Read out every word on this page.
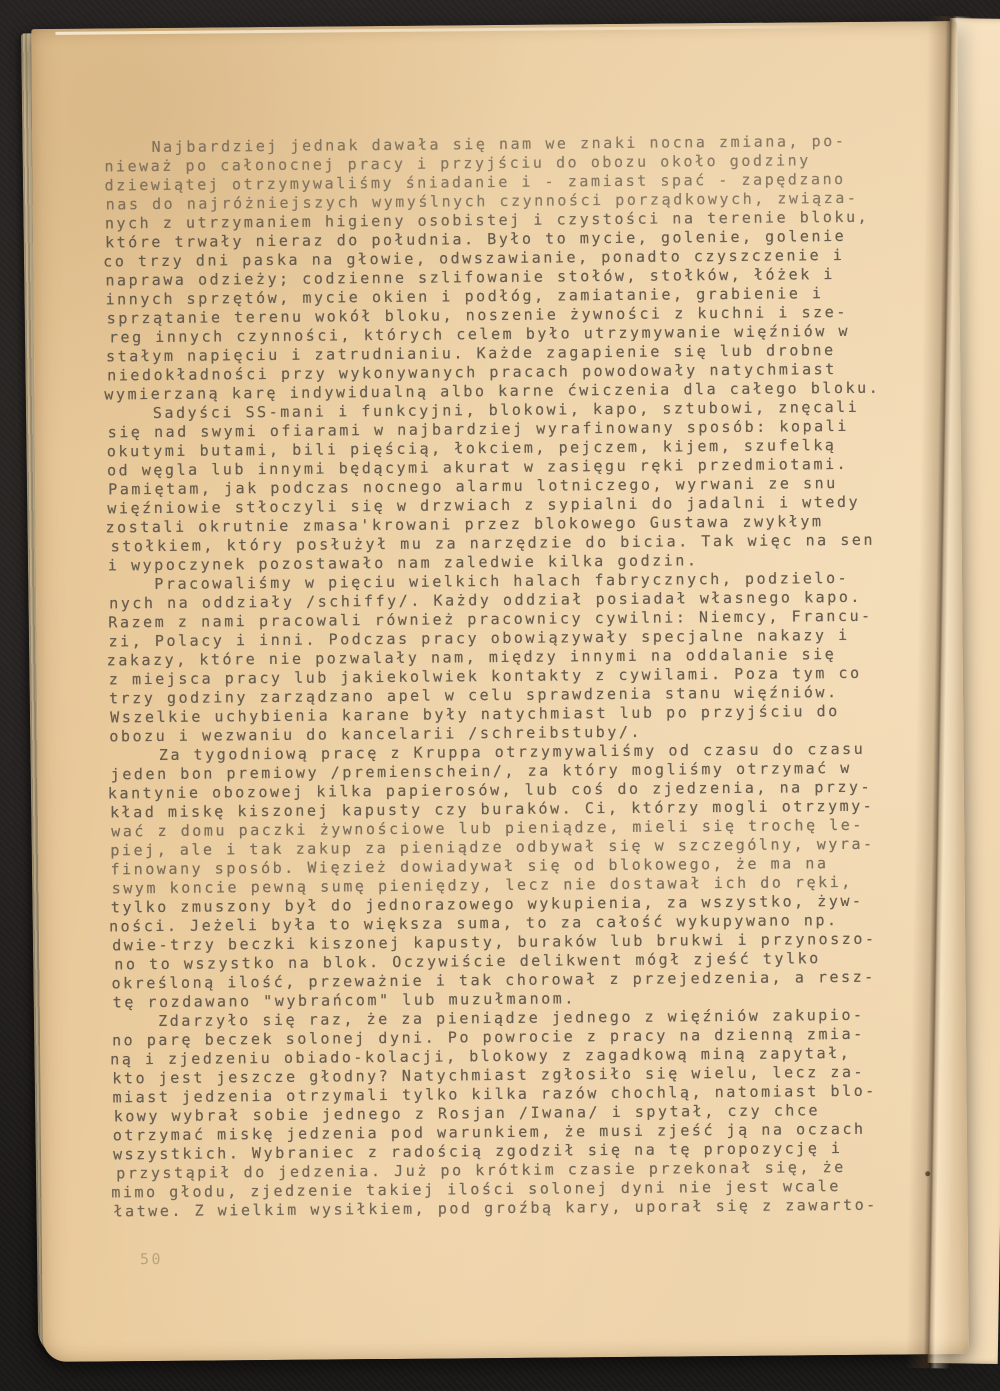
Najbardziej jednak dawała się nam we znaki nocna zmiana, po-
nieważ po całonocnej pracy i przyjściu do obozu około godziny
dziewiątej otrzymywaliśmy śniadanie i - zamiast spać - zapędzano
nas do najróżniejszych wymyślnych czynności porządkowych, związa-
nych z utrzymaniem higieny osobistej i czystości na terenie bloku,
które trwały nieraz do południa. Było to mycie, golenie, golenie
co trzy dni paska na głowie, odwszawianie, ponadto czyszczenie i
naprawa odzieży; codzienne szlifowanie stołów, stołków, łóżek i
innych sprzętów, mycie okien i podłóg, zamiatanie, grabienie i
sprzątanie terenu wokół bloku, noszenie żywności z kuchni i sze-
reg innych czynności, których celem było utrzymywanie więźniów w
stałym napięciu i zatrudnianiu. Każde zagapienie się lub drobne
niedokładności przy wykonywanych pracach powodowały natychmiast
wymierzaną karę indywidualną albo karne ćwiczenia dla całego bloku.
Sadyści SS-mani i funkcyjni, blokowi, kapo, sztubowi, znęcali
się nad swymi ofiarami w najbardziej wyrafinowany sposób: kopali
okutymi butami, bili pięścią, łokciem, pejczem, kijem, szufelką
od węgla lub innymi będącymi akurat w zasięgu ręki przedmiotami.
Pamiętam, jak podczas nocnego alarmu lotniczego, wyrwani ze snu
więźniowie stłoczyli się w drzwiach z sypialni do jadalni i wtedy
zostali okrutnie zmasa'krowani przez blokowego Gustawa zwykłym
stołkiem, który posłużył mu za narzędzie do bicia. Tak więc na sen
i wypoczynek pozostawało nam zaledwie kilka godzin.
Pracowaliśmy w pięciu wielkich halach fabrycznych, podzielo-
nych na oddziały /schiffy/. Każdy oddział posiadał własnego kapo.
Razem z nami pracowali również pracownicy cywilni: Niemcy, Francu-
zi, Polacy i inni. Podczas pracy obowiązywały specjalne nakazy i
zakazy, które nie pozwalały nam, między innymi na oddalanie się
z miejsca pracy lub jakiekolwiek kontakty z cywilami. Poza tym co
trzy godziny zarządzano apel w celu sprawdzenia stanu więźniów.
Wszelkie uchybienia karane były natychmiast lub po przyjściu do
obozu i wezwaniu do kancelarii /schreibstuby/.
Za tygodniową pracę z Kruppa otrzymywaliśmy od czasu do czasu
jeden bon premiowy /premienschein/, za który mogliśmy otrzymać w
kantynie obozowej kilka papierosów, lub coś do zjedzenia, na przy-
kład miskę kiszonej kapusty czy buraków. Ci, którzy mogli otrzymy-
wać z domu paczki żywnościowe lub pieniądze, mieli się trochę le-
piej, ale i tak zakup za pieniądze odbywał się w szczególny, wyra-
finowany sposób. Więzież dowiadywał się od blokowego, że ma na
swym koncie pewną sumę pieniędzy, lecz nie dostawał ich do ręki,
tylko zmuszony był do jednorazowego wykupienia, za wszystko, żyw-
ności. Jeżeli była to większa suma, to za całość wykupywano np.
dwie-trzy beczki kiszonej kapusty, buraków lub brukwi i przynoszo-
no to wszystko na blok. Oczywiście delikwent mógł zjeść tylko
określoną ilość, przeważnie i tak chorował z przejedzenia, a resz-
tę rozdawano "wybrańcom" lub muzułmanom.
Zdarzyło się raz, że za pieniądze jednego z więźniów zakupio-
no parę beczek solonej dyni. Po powrocie z pracy na dzienną zmia-
ną i zjedzeniu obiado-kolacji, blokowy z zagadkową miną zapytał,
kto jest jeszcze głodny? Natychmiast zgłosiło się wielu, lecz za-
miast jedzenia otrzymali tylko kilka razów chochlą, natomiast blo-
kowy wybrał sobie jednego z Rosjan /Iwana/ i spytał, czy chce
otrzymać miskę jedzenia pod warunkiem, że musi zjeść ją na oczach
wszystkich. Wybraniec z radością zgodził się na tę propozycję i
przystąpił do jedzenia. Już po krótkim czasie przekonał się, że
mimo głodu, zjedzenie takiej ilości solonej dyni nie jest wcale
łatwe. Z wielkim wysiłkiem, pod groźbą kary, uporał się z zawarto-
50
